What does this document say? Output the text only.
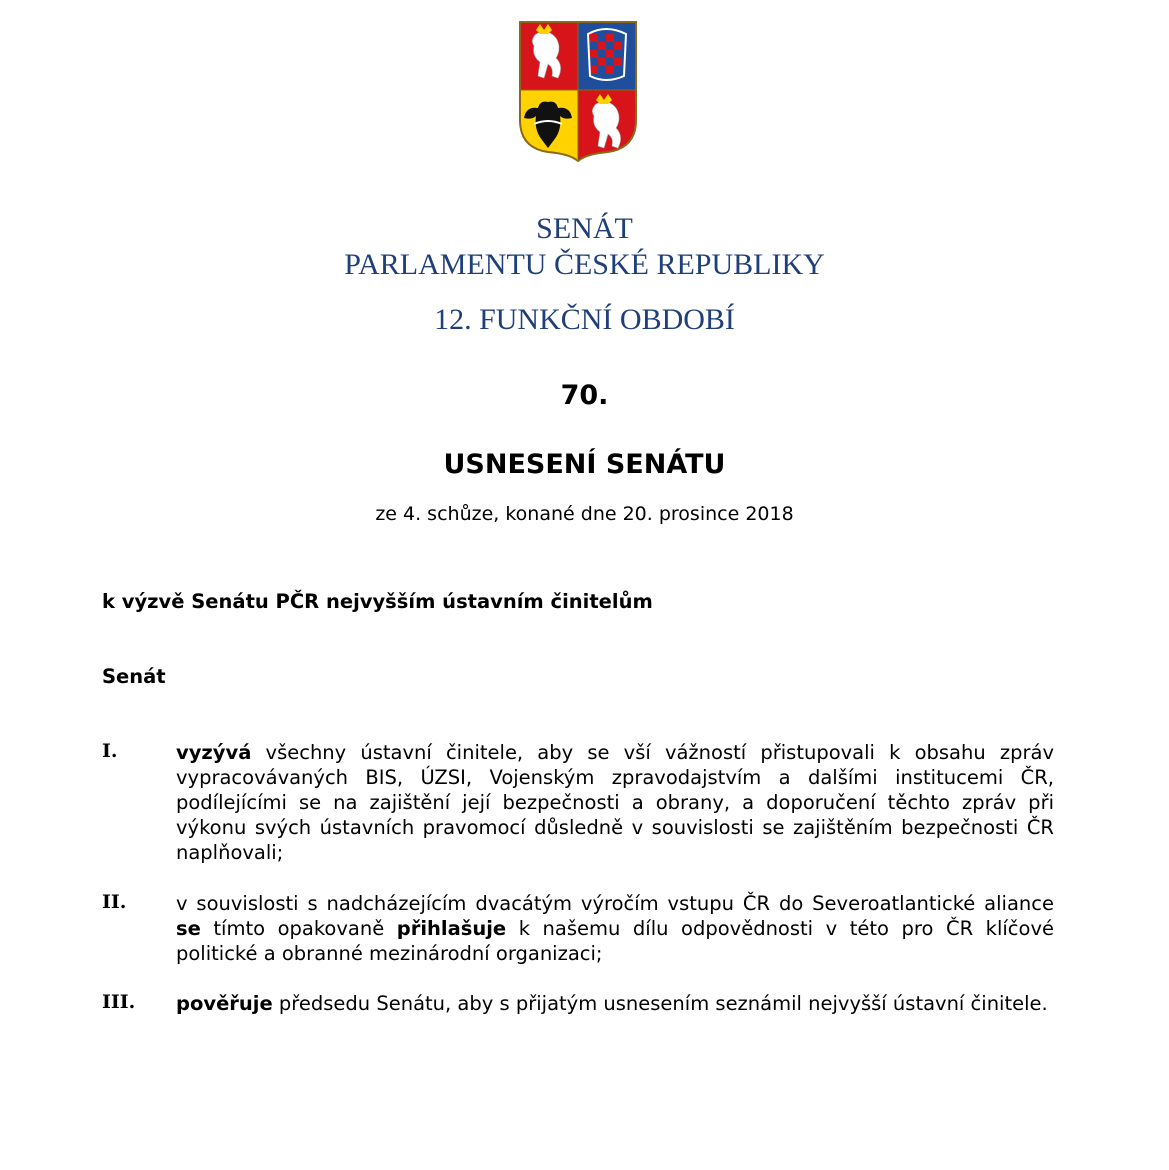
SENÁT
PARLAMENTU ČESKÉ REPUBLIKY
12. FUNKČNÍ OBDOBÍ
70.
USNESENÍ SENÁTU
ze 4. schůze, konané dne 20. prosince 2018
k výzvě Senátu PČR nejvyšším ústavním činitelům
Senát
I.	vyzývá všechny ústavní činitele, aby se vší vážností přistupovali k obsahu zpráv vypracovávaných BIS, ÚZSI, Vojenským zpravodajstvím a dalšími institucemi ČR, podílejícími se na zajištění její bezpečnosti a obrany, a doporučení těchto zpráv při výkonu svých ústavních pravomocí důsledně v souvislosti se zajištěním bezpečnosti ČR naplňovali;
II.	v souvislosti s nadcházejícím dvacátým výročím vstupu ČR do Severoatlantické aliance se tímto opakovaně přihlašuje k našemu dílu odpovědnosti v této pro ČR klíčové politické a obranné mezinárodní organizaci;
III. pověřuje předsedu Senátu, aby s přijatým usnesením seznámil nejvyšší ústavní činitele.
